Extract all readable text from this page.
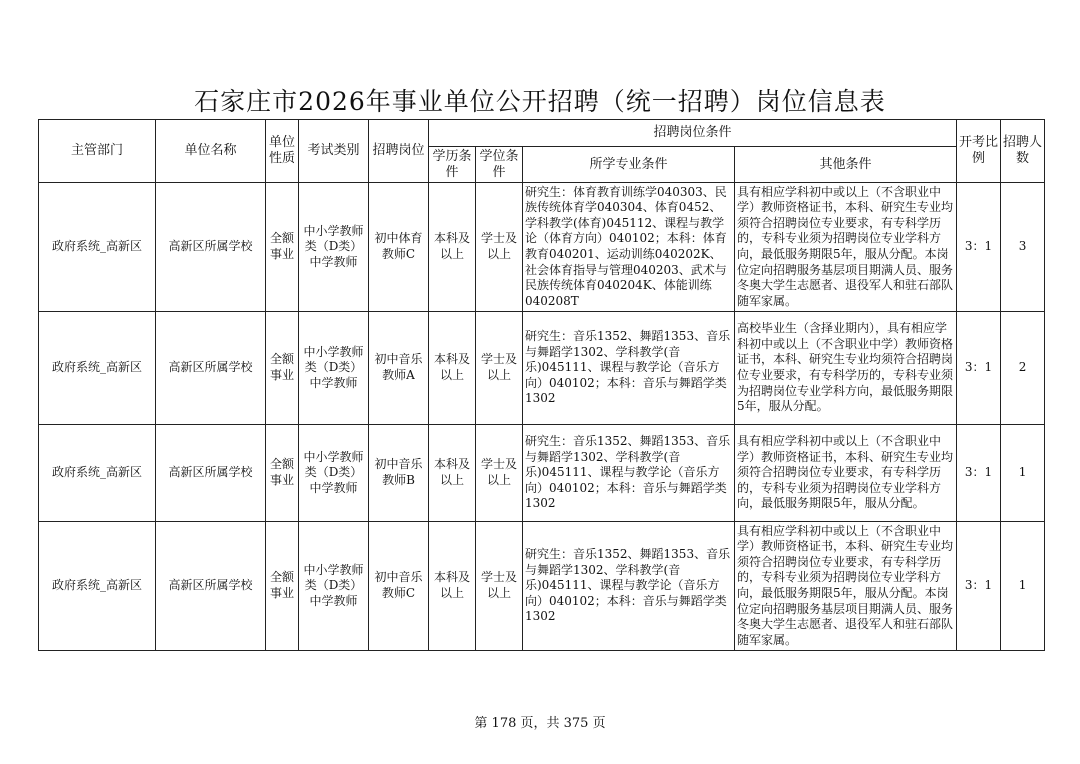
石家庄市2026年事业单位公开招聘（统一招聘）岗位信息表
主管部门	单位名称	单位性质	考试类别	招聘岗位	招聘岗位条件				开考比例	招聘人数
					学历条件	学位条件	所学专业条件	其他条件		
政府系统_高新区	高新区所属学校	全额事业	中小学教师类（D类）中学教师	初中体育教师C	本科及以上	学士及以上	研究生：体育教育训练学040303、民族传统体育学040304、体育0452、学科教学(体育)045112、课程与教学论（体育方向）040102；本科：体育教育040201、运动训练040202K、社会体育指导与管理040203、武术与民族传统体育040204K、体能训练040208T	具有相应学科初中或以上（不含职业中学）教师资格证书，本科、研究生专业均须符合招聘岗位专业要求，有专科学历的，专科专业须为招聘岗位专业学科方向，最低服务期限5年，服从分配。本岗位定向招聘服务基层项目期满人员、服务冬奥大学生志愿者、退役军人和驻石部队随军家属。	3：1	3
政府系统_高新区	高新区所属学校	全额事业	中小学教师类（D类）中学教师	初中音乐教师A	本科及以上	学士及以上	研究生：音乐1352、舞蹈1353、音乐与舞蹈学1302、学科教学(音乐)045111、课程与教学论（音乐方向）040102；本科：音乐与舞蹈学类1302	高校毕业生（含择业期内），具有相应学科初中或以上（不含职业中学）教师资格证书，本科、研究生专业均须符合招聘岗位专业要求，有专科学历的，专科专业须为招聘岗位专业学科方向，最低服务期限5年，服从分配。	3：1	2
政府系统_高新区	高新区所属学校	全额事业	中小学教师类（D类）中学教师	初中音乐教师B	本科及以上	学士及以上	研究生：音乐1352、舞蹈1353、音乐与舞蹈学1302、学科教学(音乐)045111、课程与教学论（音乐方向）040102；本科：音乐与舞蹈学类1302	具有相应学科初中或以上（不含职业中学）教师资格证书，本科、研究生专业均须符合招聘岗位专业要求，有专科学历的，专科专业须为招聘岗位专业学科方向，最低服务期限5年，服从分配。	3：1	1
政府系统_高新区	高新区所属学校	全额事业	中小学教师类（D类）中学教师	初中音乐教师C	本科及以上	学士及以上	研究生：音乐1352、舞蹈1353、音乐与舞蹈学1302、学科教学(音乐)045111、课程与教学论（音乐方向）040102；本科：音乐与舞蹈学类1302	具有相应学科初中或以上（不含职业中学）教师资格证书，本科、研究生专业均须符合招聘岗位专业要求，有专科学历的，专科专业须为招聘岗位专业学科方向，最低服务期限5年，服从分配。本岗位定向招聘服务基层项目期满人员、服务冬奥大学生志愿者、退役军人和驻石部队随军家属。	3：1	1
第 178 页，共 375 页
